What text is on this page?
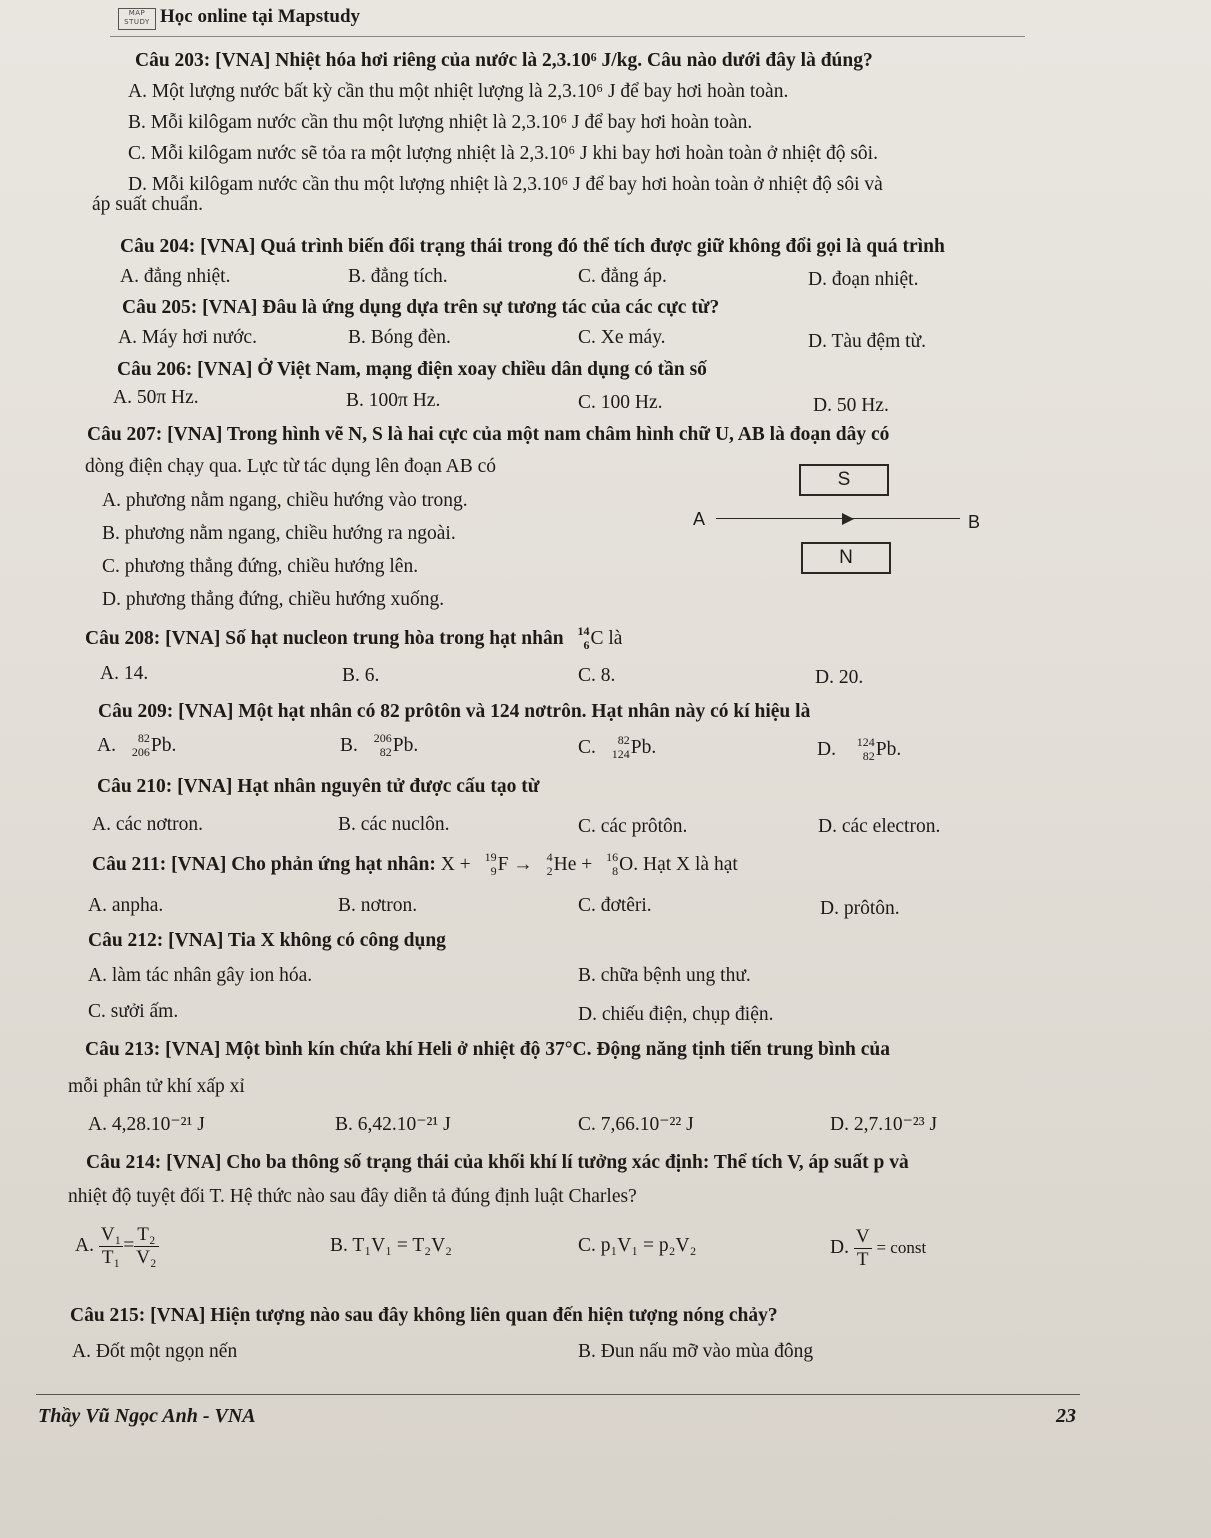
MAP STUDY Học online tại Mapstudy
Câu 203: [VNA] Nhiệt hóa hơi riêng của nước là 2,3.10⁶ J/kg. Câu nào dưới đây là đúng?
A. Một lượng nước bất kỳ cần thu một nhiệt lượng là 2,3.10⁶ J để bay hơi hoàn toàn.
B. Mỗi kilôgam nước cần thu một lượng nhiệt là 2,3.10⁶ J để bay hơi hoàn toàn.
C. Mỗi kilôgam nước sẽ tỏa ra một lượng nhiệt là 2,3.10⁶ J khi bay hơi hoàn toàn ở nhiệt độ sôi.
D. Mỗi kilôgam nước cần thu một lượng nhiệt là 2,3.10⁶ J để bay hơi hoàn toàn ở nhiệt độ sôi và
áp suất chuẩn.
Câu 204: [VNA] Quá trình biến đổi trạng thái trong đó thể tích được giữ không đổi gọi là quá trình
A. đẳng nhiệt.	B. đẳng tích.	C. đẳng áp.	D. đoạn nhiệt.
Câu 205: [VNA] Đâu là ứng dụng dựa trên sự tương tác của các cực từ?
A. Máy hơi nước.	B. Bóng đèn.	C. Xe máy.	D. Tàu đệm từ.
Câu 206: [VNA] Ở Việt Nam, mạng điện xoay chiều dân dụng có tần số
A. 50π Hz.	B. 100π Hz.	C. 100 Hz.	D. 50 Hz.
Câu 207: [VNA] Trong hình vẽ N, S là hai cực của một nam châm hình chữ U, AB là đoạn dây có
dòng điện chạy qua. Lực từ tác dụng lên đoạn AB có
A. phương nằm ngang, chiều hướng vào trong.
B. phương nằm ngang, chiều hướng ra ngoài.
C. phương thẳng đứng, chiều hướng lên.
D. phương thẳng đứng, chiều hướng xuống.
S
A	B
N
Câu 208: [VNA] Số hạt nucleon trung hòa trong hạt nhân 14
6 C là
A. 14.	B. 6.	C. 8.	D. 20.
Câu 209: [VNA] Một hạt nhân có 82 prôtôn và 124 nơtrôn. Hạt nhân này có kí hiệu là
A. 82
206 Pb.	B. 206
82 Pb.	C. 82
124 Pb.	D. 124
82 Pb.
Câu 210: [VNA] Hạt nhân nguyên tử được cấu tạo từ
A. các nơtron.	B. các nuclôn.	C. các prôtôn.	D. các electron.
Câu 211: [VNA] Cho phản ứng hạt nhân: X + 19
9 F → 4
2 He + 16
8 O. Hạt X là hạt
A. anpha.	B. nơtron.	C. đơtêri.	D. prôtôn.
Câu 212: [VNA] Tia X không có công dụng
A. làm tác nhân gây ion hóa.	B. chữa bệnh ung thư.
C. sưởi ấm.	D. chiếu điện, chụp điện.
Câu 213: [VNA] Một bình kín chứa khí Heli ở nhiệt độ 37°C. Động năng tịnh tiến trung bình của
mỗi phân tử khí xấp xỉ
A. 4,28.10⁻²¹ J	B. 6,42.10⁻²¹ J	C. 7,66.10⁻²² J	D. 2,7.10⁻²³ J
Câu 214: [VNA] Cho ba thông số trạng thái của khối khí lí tưởng xác định: Thể tích V, áp suất p và
nhiệt độ tuyệt đối T. Hệ thức nào sau đây diễn tả đúng định luật Charles?
A. $\frac{\text{V₁}}{\text{T₁}} = \frac{\text{T₂}}{\text{V₂}}$	B. T₁V₁ = T₂V₂	C. p₁V₁ = p₂V₂	D. $\frac{V}{T}$ = const
Câu 215: [VNA] Hiện tượng nào sau đây không liên quan đến hiện tượng nóng chảy?
A. Đốt một ngọn nến	B. Đun nấu mỡ vào mùa đông
Thầy Vũ Ngọc Anh - VNA	23
